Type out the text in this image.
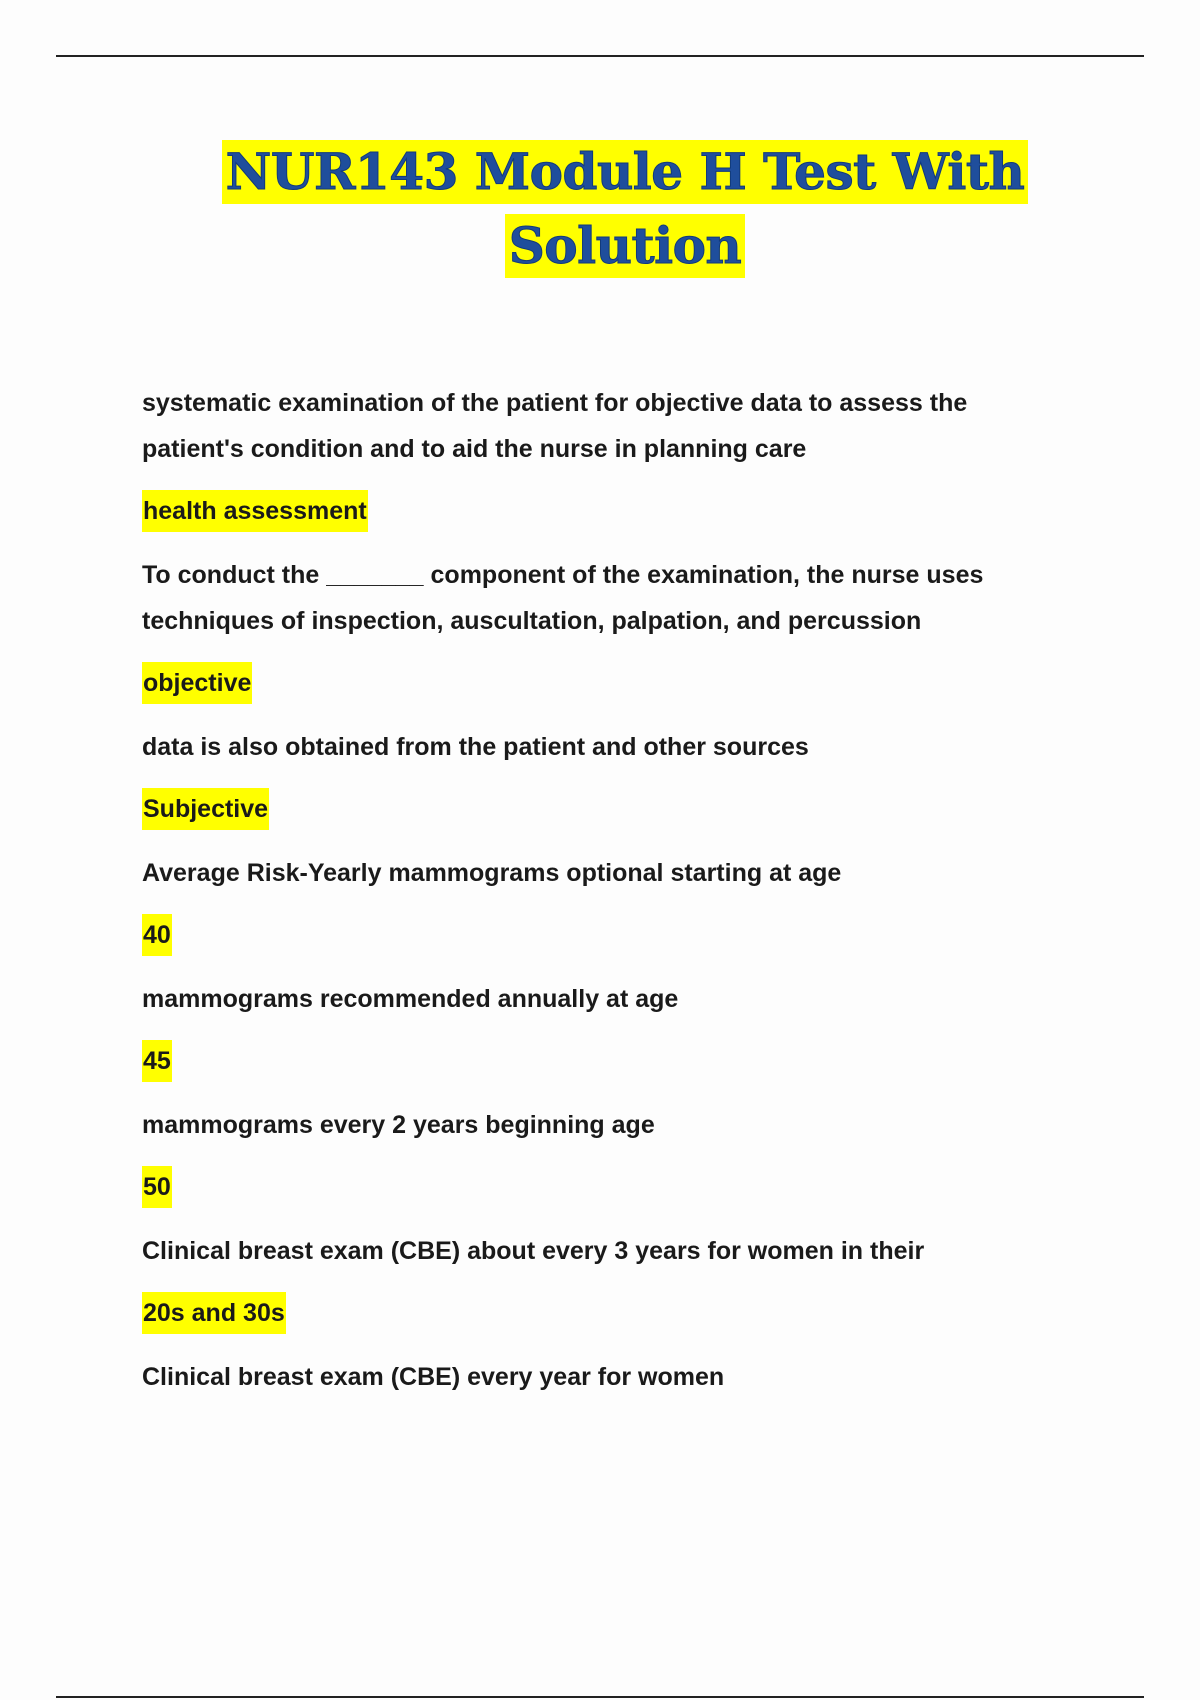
NUR143 Module H Test With
Solution

systematic examination of the patient for objective data to assess the patient's condition and to aid the nurse in planning care

health assessment

To conduct the _______ component of the examination, the nurse uses techniques of inspection, auscultation, palpation, and percussion

objective

data is also obtained from the patient and other sources

Subjective

Average Risk-Yearly mammograms optional starting at age

40

mammograms recommended annually at age

45

mammograms every 2 years beginning age

50

Clinical breast exam (CBE) about every 3 years for women in their

20s and 30s

Clinical breast exam (CBE) every year for women
